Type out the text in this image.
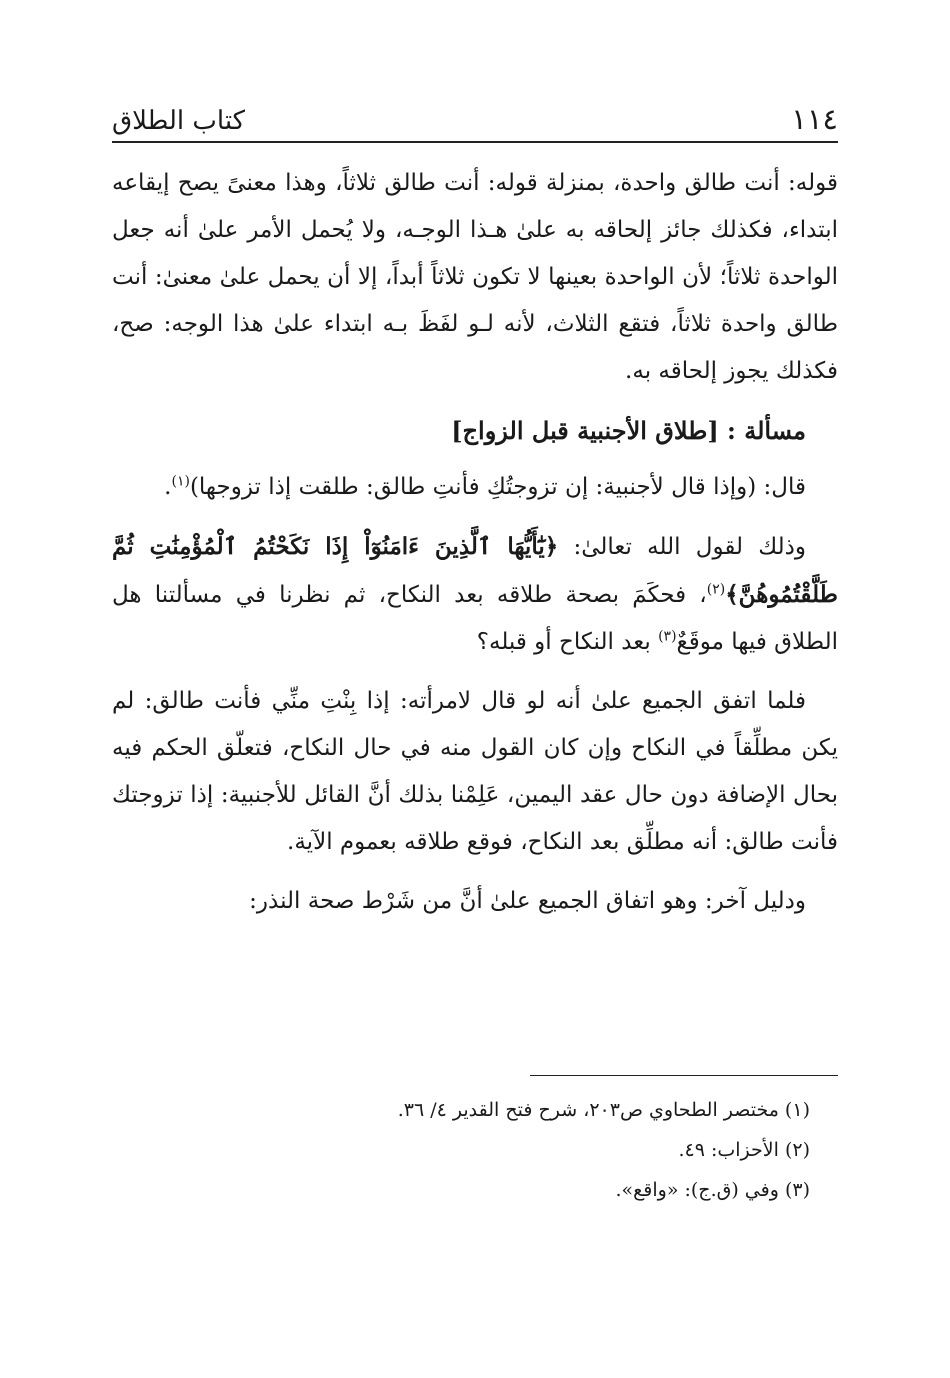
١١٤
كتاب الطلاق

قوله: أنت طالق واحدة، بمنزلة قوله: أنت طالق ثلاثاً، وهذا معنىً يصح إيقاعه ابتداء، فكذلك جائز إلحاقه به علىٰ هـذا الوجـه، ولا يُحمل الأمر علىٰ أنه جعل الواحدة ثلاثاً؛ لأن الواحدة بعينها لا تكون ثلاثاً أبداً، إلا أن يحمل علىٰ معنىٰ: أنت طالق واحدة ثلاثاً، فتقع الثلاث، لأنه لـو لفَظَ بـه ابتداء علىٰ هذا الوجه: صح، فكذلك يجوز إلحاقه به.

مسألة : [طلاق الأجنبية قبل الزواج]

قال: (وإذا قال لأجنبية: إن تزوجتُكِ فأنتِ طالق: طلقت إذا تزوجها)$^{(١)}$.

وذلك لقول الله تعالىٰ: ﴿يَٰٓأَيُّهَا ٱلَّذِينَ ءَامَنُوٓاْ إِذَا نَكَحْتُمُ ٱلْمُؤْمِنَٰتِ ثُمَّ طَلَّقْتُمُوهُنَّ﴾$^{(٢)}$، فحكَمَ بصحة طلاقه بعد النكاح، ثم نظرنا في مسألتنا هل الطلاق فيها موقَعٌ$^{(٣)}$ بعد النكاح أو قبله؟

فلما اتفق الجميع علىٰ أنه لو قال لامرأته: إذا بِنْتِ منِّي فأنت طالق: لم يكن مطلِّقاً في النكاح وإن كان القول منه في حال النكاح، فتعلّق الحكم فيه بحال الإضافة دون حال عقد اليمين، عَلِمْنا بذلك أنَّ القائل للأجنبية: إذا تزوجتك فأنت طالق: أنه مطلِّق بعد النكاح، فوقع طلاقه بعموم الآية.

ودليل آخر: وهو اتفاق الجميع علىٰ أنَّ من شَرْط صحة النذر:

(١) مختصر الطحاوي ص٢٠٣، شرح فتح القدير ٤/ ٣٦.

(٢) الأحزاب: ٤٩.

(٣) وفي (ق.ج): «واقع».
